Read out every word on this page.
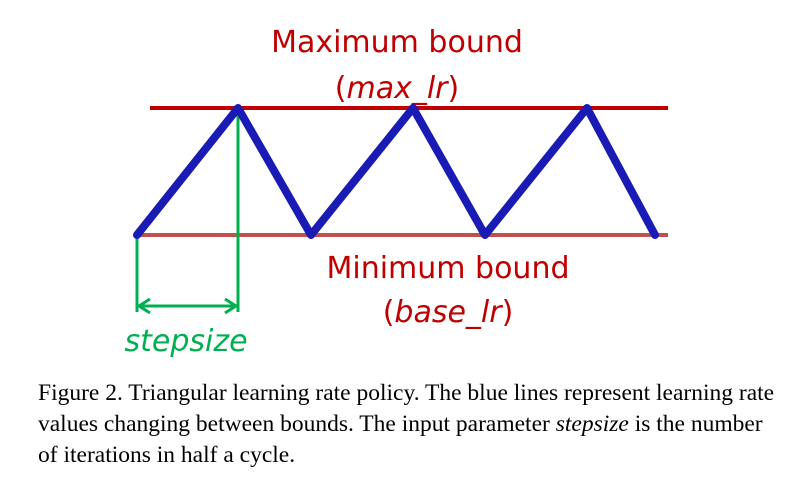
Maximum bound
(max_lr)
Minimum bound
(base_lr)
stepsize

Figure 2. Triangular learning rate policy. The blue lines represent learning rate values changing between bounds. The input parameter stepsize is the number of iterations in half a cycle.
